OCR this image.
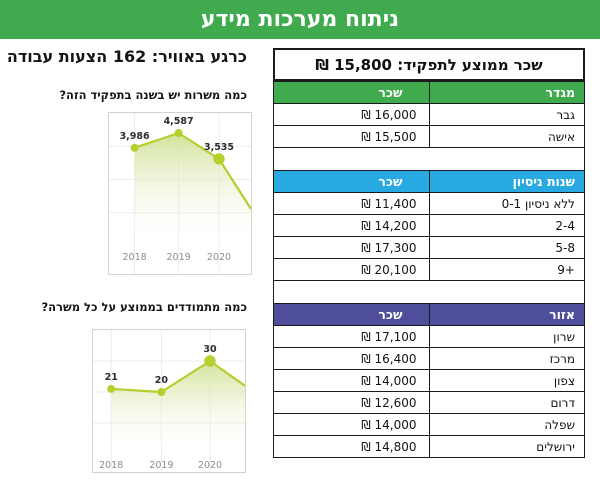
ניתוח מערכות מידע
כרגע באוויר: 162 הצעות עבודה
כמה משרות יש בשנה בתפקיד הזה?
3,986
4,587
3,535
2018 2019 2020
כמה מתמודדים בממוצע על כל משרה?
21	20
30
2018	2019	2020
שכר ממוצע לתפקיד: 15,800 ₪
מגדר	שכר
גבר	16,000 ₪
אישה	15,500 ₪

שנות ניסיון	שכר
ללא ניסיון 0-1	11,400 ₪
2-4	14,200 ₪
5-8	17,300 ₪
9+	20,100 ₪

אזור	שכר
שרון	17,100 ₪
מרכז	16,400 ₪
צפון	14,000 ₪
דרום	12,600 ₪
שפלה	14,000 ₪
ירושלים	14,800 ₪
